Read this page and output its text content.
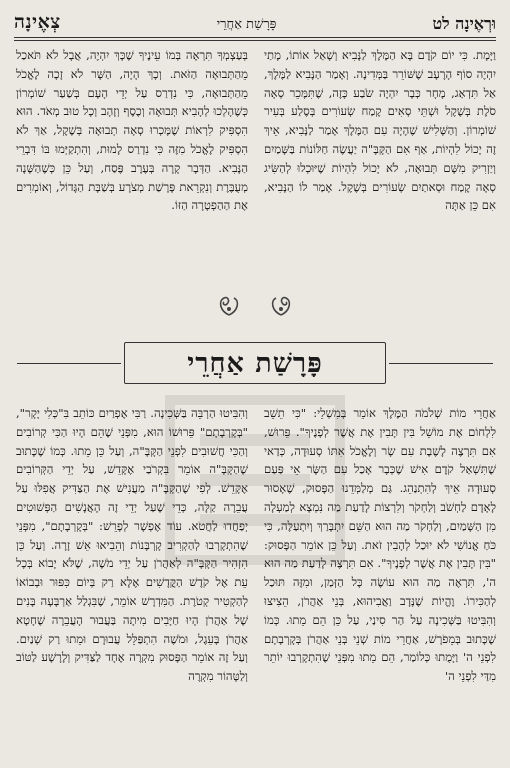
וּרְאֶינָה לט
פָּרָשַׁת אַחֲרֵי
צְאֶינָה

וַיָּמָת. כִּי יוֹם קֹדֶם בָּא הַמֶּלֶךְ לַנָּבִיא וְשָׁאַל אוֹתוֹ, מָתַי יִהְיֶה סוֹף הָרָעָב שֶׁשּׁוֹרֵר בַּמְּדִינָה. וְאָמַר הַנָּבִיא לַמֶּלֶךְ, אַל תִּדְאַג, מָחָר כְּבָר יִהְיֶה שֹׂבַע כָּזֶה, שֶׁתִּמָּכֵר סְאָה סֹלֶת בְּשֶׁקֶל וּשְׁתֵּי סְאִים קֶמַח שְׂעוֹרִים בְּסֶלַע בְּעִיר שׁוֹמְרוֹן. וְהַשָּׁלִישׁ שֶׁהָיָה עִם הַמֶּלֶךְ אָמַר לַנָּבִיא, אֵיךְ זֶה יָכוֹל לִהְיוֹת, אַף אִם הַקָּבָּ"ה יַעֲשֶׂה חַלּוֹנוֹת בַּשָּׁמַיִם וְיַזְרִיק מִשָּׁם תְּבוּאָה, לֹא יָכוֹל לִהְיוֹת שֶׁיּוּכְלוּ לְהַשִּׂיג סְאָה קֶמַח וּסְאתַיִם שְׂעוֹרִים בְּשֶׁקֶל. אָמַר לוֹ הַנָּבִיא, אִם כֵּן אַתָּה

בְּעַצְמְךָ תִּרְאֶה בְּמוֹ עֵינֶיךָ שֶׁכָּךְ יִהְיֶה, אֲבָל לֹא תֹּאכַל מֵהַתְּבוּאָה הַזֹּאת. וְכָךְ הָיָה, הַשָּׁר לֹא זָכָה לֶאֱכֹל מֵהַתְּבוּאָה, כִּי נִדְרַס עַל יְדֵי הָעָם בְּשַׁעַר שׁוֹמְרוֹן כְּשֶׁהָלְכוּ לְהָבִיא תְּבוּאָה וְכֶסֶף וְזָהָב וְכָל טוּב מְאֹד. הוּא הִסְפִּיק לִרְאוֹת שֶׁמָּכְרוּ סְאָה תְבוּאָה בְּשֶׁקֶל, אַךְ לֹא הִסְפִּיק לֶאֱכֹל מִזֶּה כִּי נִדְרַס לָמוּת, וְהִתְקַיְּמוּ בּוֹ דִּבְרֵי הַנָּבִיא. הַדְּבָר קָרָה בְּעֶרֶב פֶּסַח, וְעַל כֵּן כְּשֶׁהַשָּׁנָה מְעֻבֶּרֶת וְנִקְרֵאת פָּרָשַׁת מְצֹרָע בְּשַׁבָּת הַגָּדוֹל, וְאוֹמְרִים אֶת הַהַפְטָרָה הַזּוֹ.

פָּרָשַׁת אַחֲרֵי

אַחֲרֵי מוֹת שְׁלֹמֹה הַמֶּלֶךְ אוֹמֵר בְּמִשְׁלֵי: "כִּי תֵשֵׁב לִלְחוֹם אֶת מוֹשֵׁל בִּין תָּבִין אֶת אֲשֶׁר לְפָנֶיךָ". פֵּרוּשׁ, אִם תִּרְצֶה לָשֶׁבֶת עִם שָׂר וְלֶאֱכֹל אִתּוֹ סְעוּדָה, כְּדַאי שֶׁתִּשְׁאַל קֹדֶם אִישׁ שֶׁכְּבָר אָכַל עִם הַשָּׂר אֵי פַּעַם סְעוּדָה אֵיךְ לְהִתְנַהֵג. גַּם מְלַמְּדֵנוּ הַפָּסוּק, שֶׁאָסוּר לָאָדָם לַחְשֹׁב וְלַחְקֹר וְלִרְצוֹת לָדַעַת מַה נִּמְצָא לְמַעְלָה מִן הַשָּׁמַיִם, וְלַחְקֹר מַה הוּא הַשֵּׁם יִתְבָּרַךְ וְיִתְעַלֶּה, כִּי כֹּחַ אֱנוֹשִׁי לֹא יוּכַל לְהָבִין זֹאת. וְעַל כֵּן אוֹמֵר הַפָּסוּק: "בִּין תָּבִין אֶת אֲשֶׁר לְפָנֶיךָ". אִם תִּרְצֶה לָדַעַת מַה הוּא ה', תִּרְאֶה מַה הוּא עוֹשֶׂה כָּל הַזְּמַן, וּמִזֶּה תּוּכַל לְהַכִּירוֹ. וֶהֱיוֹת שֶׁנָּדָב וַאֲבִיהוּא, בְּנֵי אַהֲרֹן, הֵצִיצוּ וְהִבִּיטוּ בַּשְּׁכִינָה עַל הַר סִינַי, עַל כֵּן הֵם מֵתוּ. כְּמוֹ שֶׁכָּתוּב בְּמֵפֹרָשׁ, אַחֲרֵי מוֹת שְׁנֵי בְּנֵי אַהֲרֹן בְּקָרְבָתָם לִפְנֵי ה' וַיָּמֻתוּ כְּלוֹמַר, הֵם מֵתוּ מִפְּנֵי שֶׁהִתְקָרְבוּ יוֹתֵר מִדַּי לִפְנֵי ה'

וְהִבִּיטוּ הַרְבֵּה בַּשְּׁכִינָה. רַבִּי אֶפְרַיִם כּוֹתֵב בִּ"כְּלִי יָקָר", "בְּקָרְבָתָם" פֵּרוּשׁוֹ הוּא, מִפְּנֵי שֶׁהֵם הָיוּ הַכִּי קְרוֹבִים וְהַכִּי חֲשׁוּבִים לִפְנֵי הַקָּבָּ"ה, וְעַל כֵּן מֵתוּ. כְּמוֹ שֶׁכָּתוּב שֶׁהַקָּבָּ"ה אוֹמֵר בִּקְרֹבַי אֶקָּדֵשׁ, עַל יְדֵי הַקְּרוֹבִים אֶקָּדֵשׁ. לְפִי שֶׁהַקָּבָּ"ה מַעֲנִישׁ אֶת הַצַּדִּיק אֲפִלּוּ עַל עֲבֵרָה קַלָּה, כְּדֵי שֶׁעַל יְדֵי זֶה הָאֲנָשִׁים הַפְּשׁוּטִים יְפַחֲדוּ לַחֲטֹא. עוֹד אֶפְשָׁר לְפָרֵשׁ: "בְּקָרְבָתָם", מִפְּנֵי שֶׁהִתְקָרְבוּ לְהַקְרִיב קָרְבָּנוֹת וְהֵבִיאוּ אֵשׁ זָרָה. וְעַל כֵּן הִזְהִיר הַקָּבָּ"ה לְאַהֲרֹן עַל יְדֵי מֹשֶׁה, שֶׁלֹּא יָבוֹא בְּכָל עֵת אֶל קֹדֶשׁ הַקֳּדָשִׁים אֶלָּא רַק בְּיוֹם כִּפּוּר וּבְבוֹאוֹ לְהַקְטִיר קְטֹרֶת. הַמִּדְרָשׁ אוֹמֵר, שֶׁבִּגְלַל אַרְבָּעָה בָּנִים שֶׁל אַהֲרֹן הָיוּ חַיָּבִים מִיתָה בַּעֲבוּר הָעֲבֵרָה שֶׁחָטָא אַהֲרֹן בָּעֵגֶל, וּמֹשֶׁה הִתְפַּלֵּל עֲבוּרָם וּמֵתוּ רַק שְׁנַיִם. וְעַל זֶה אוֹמֵר הַפָּסוּק מִקְרֶה אֶחָד לַצַּדִּיק וְלָרָשָׁע לַטּוֹב וְלַטָּהוֹר מִקְרֶה
